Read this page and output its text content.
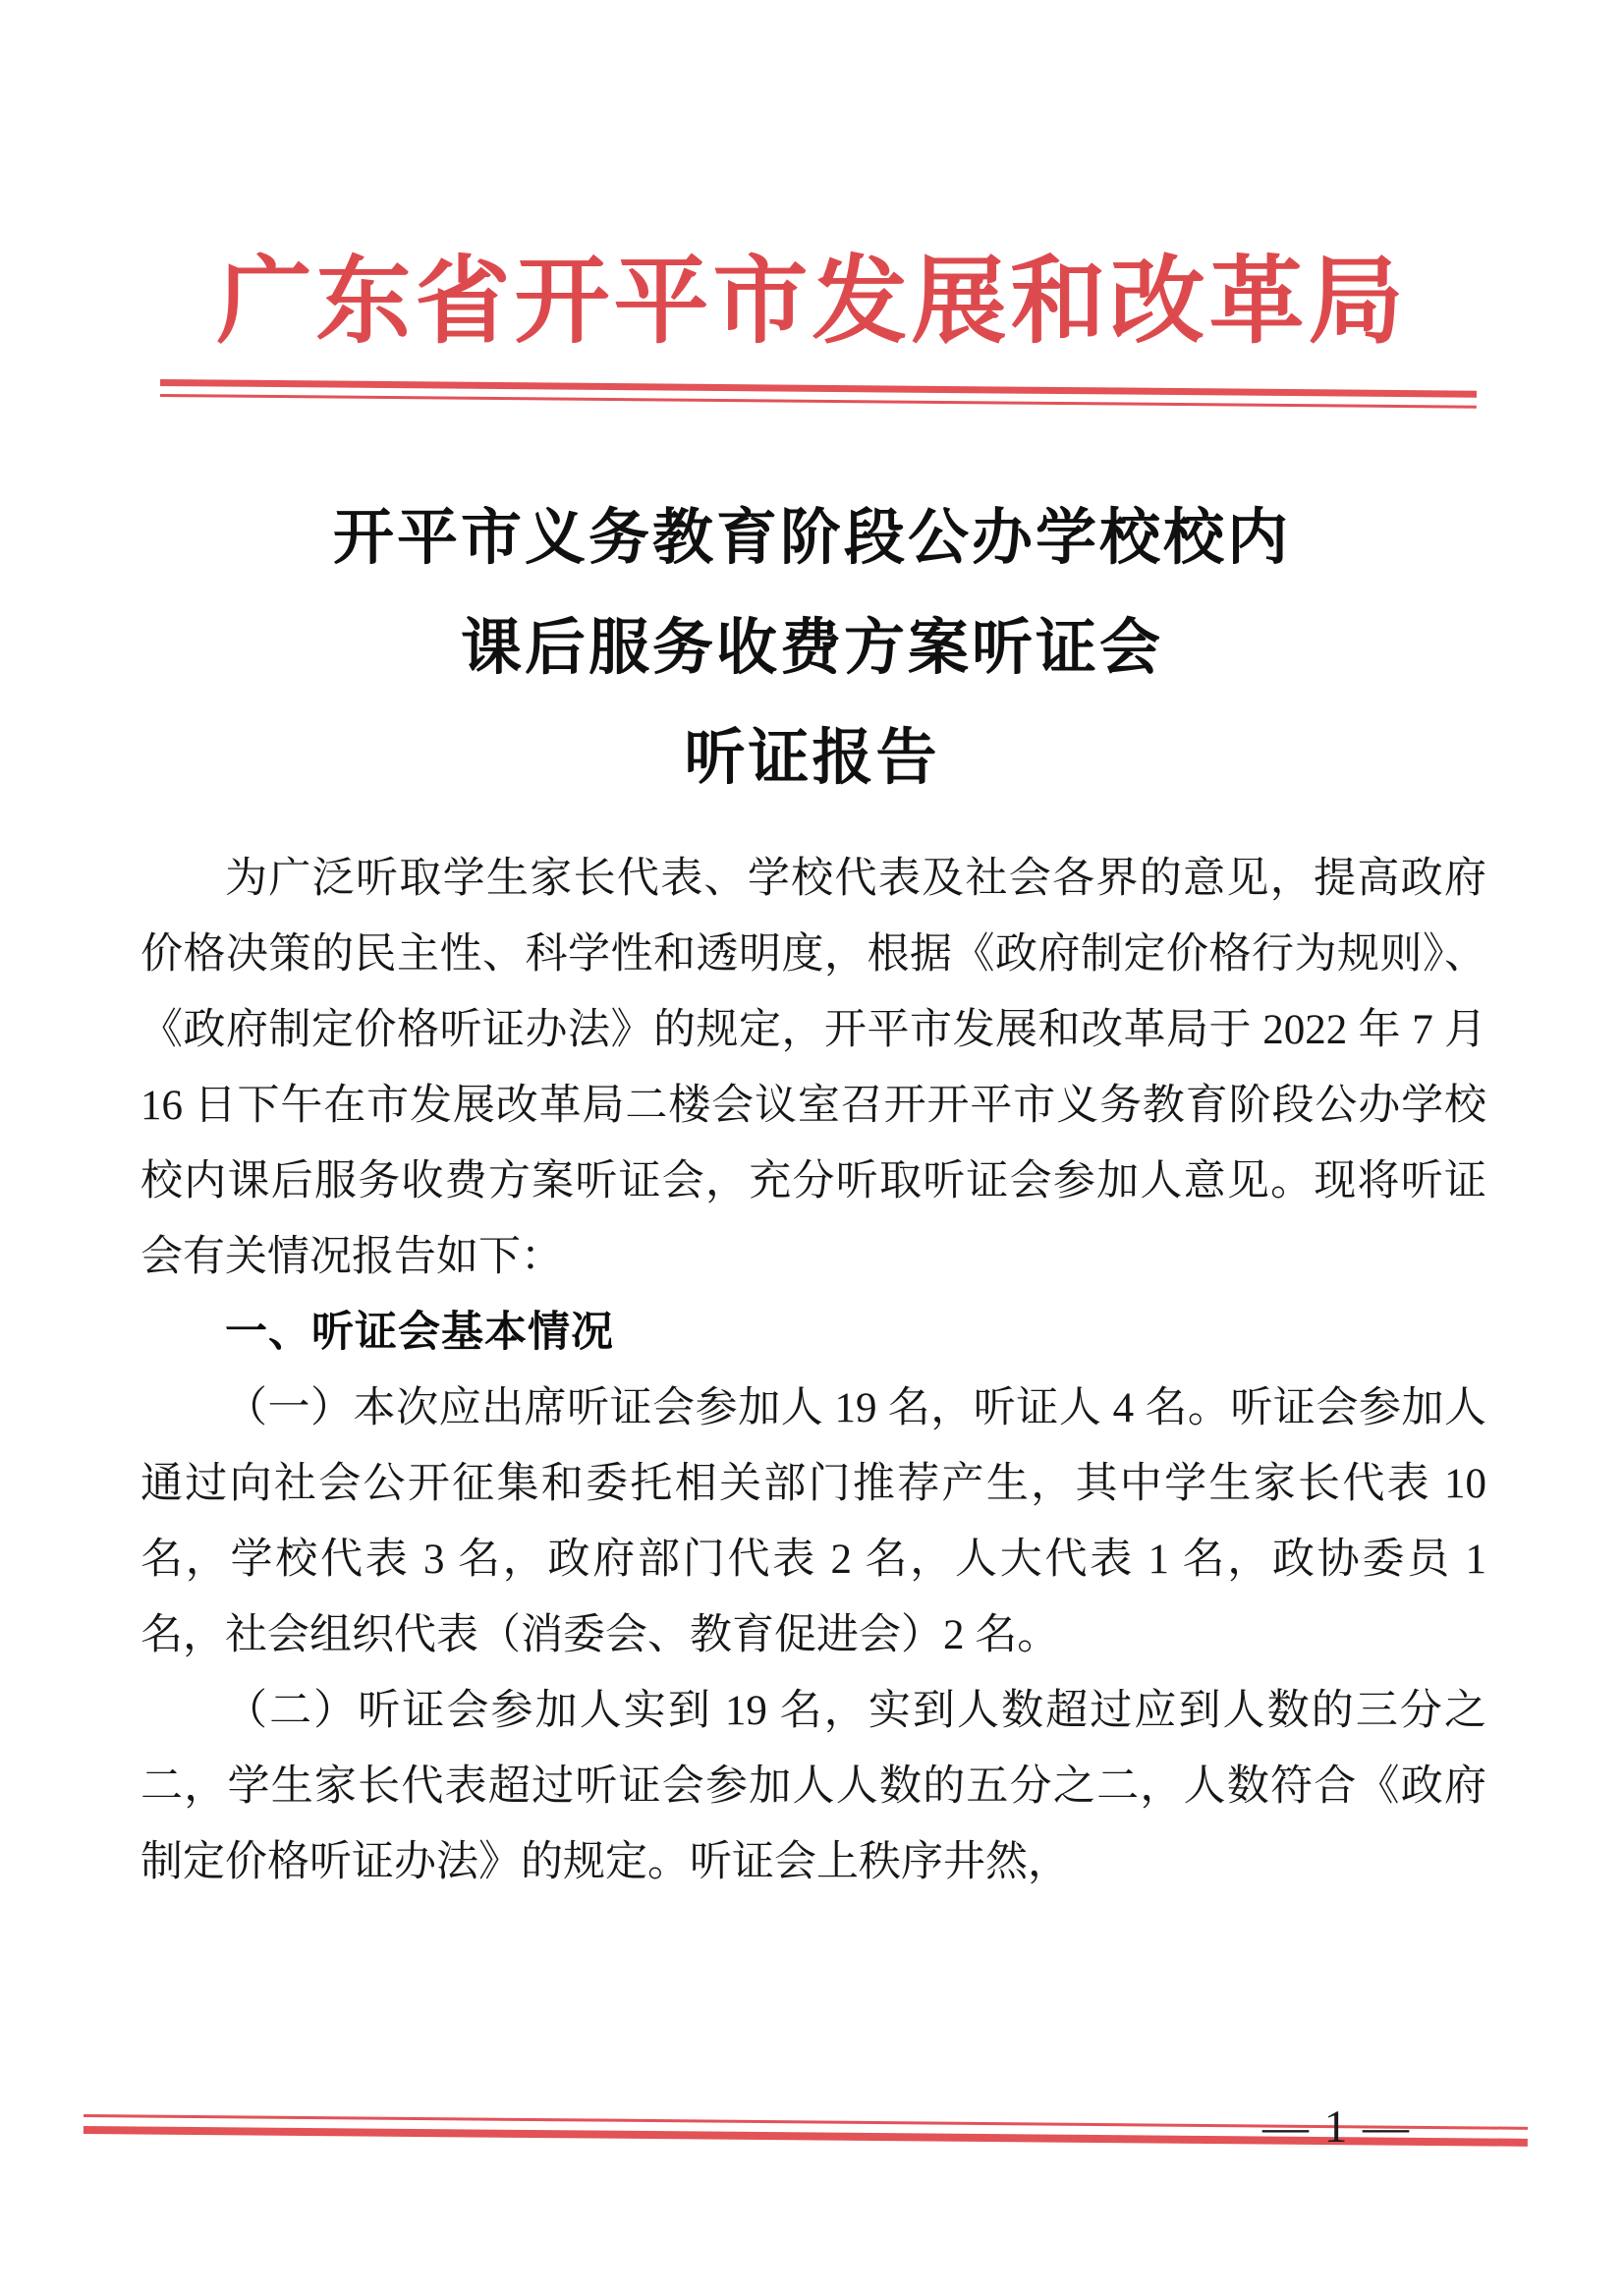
广东省开平市发展和改革局
开平市义务教育阶段公办学校校内
课后服务收费方案听证会
听证报告

为广泛听取学生家长代表、学校代表及社会各界的意见，提高政府价格决策的民主性、科学性和透明度，根据《政府制定价格行为规则》、《政府制定价格听证办法》的规定，开平市发展和改革局于 2022 年 7 月 16 日下午在市发展改革局二楼会议室召开开平市义务教育阶段公办学校校内课后服务收费方案听证会，充分听取听证会参加人意见。现将听证会有关情况报告如下：

一、听证会基本情况

（一）本次应出席听证会参加人 19 名，听证人 4 名。听证会参加人通过向社会公开征集和委托相关部门推荐产生，其中学生家长代表 10 名，学校代表 3 名，政府部门代表 2 名，人大代表 1 名，政协委员 1 名，社会组织代表（消委会、教育促进会）2 名。

（二）听证会参加人实到 19 名，实到人数超过应到人数的三分之二，学生家长代表超过听证会参加人人数的五分之二，人数符合《政府制定价格听证办法》的规定。听证会上秩序井然，

— 1 —
